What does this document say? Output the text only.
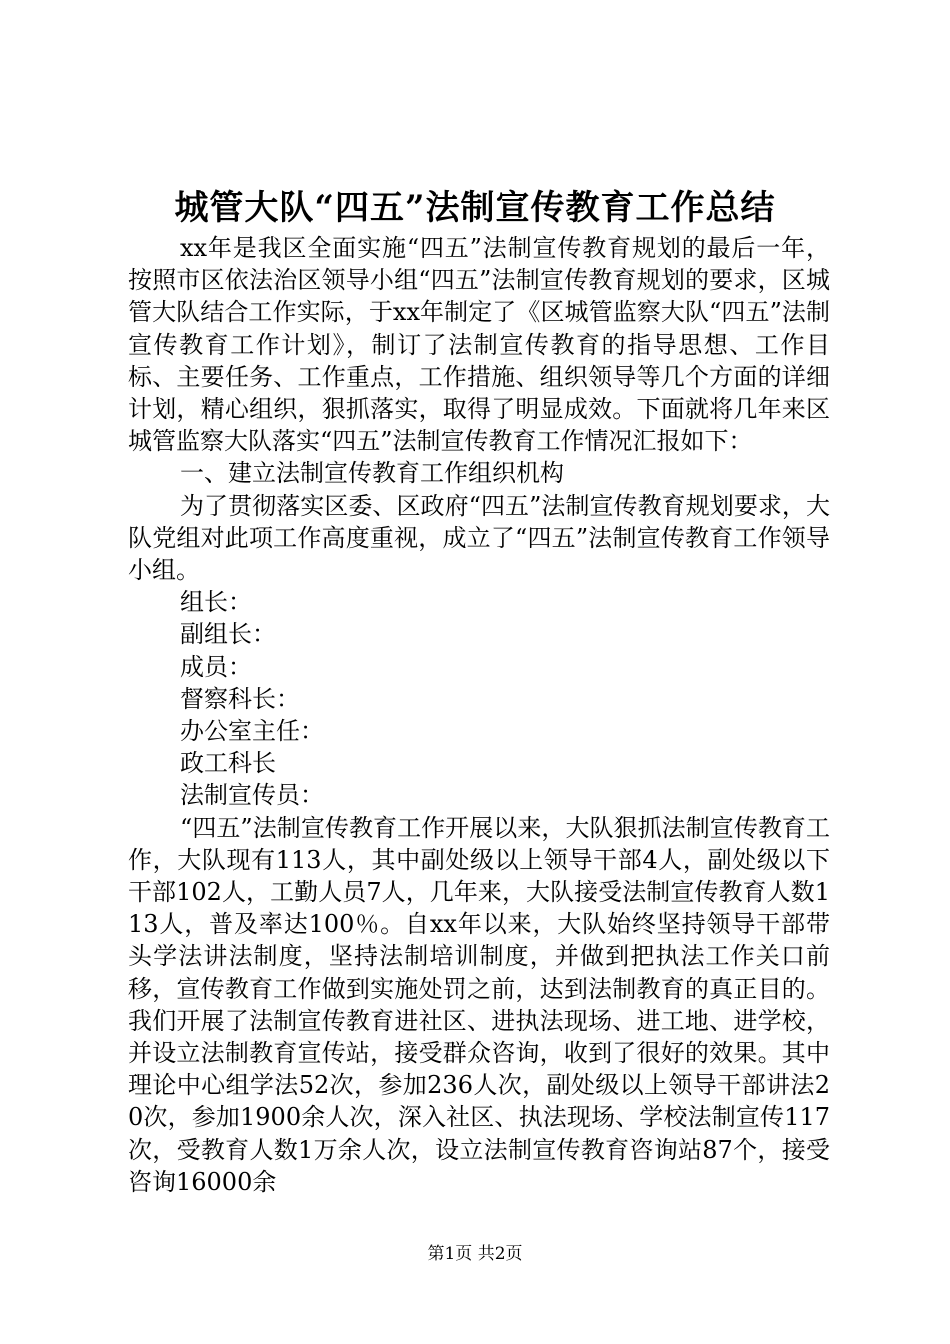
城管大队“四五”法制宣传教育工作总结

xx年是我区全面实施“四五”法制宣传教育规划的最后一年，按照市区依法治区领导小组“四五”法制宣传教育规划的要求，区城管大队结合工作实际，于xx年制定了《区城管监察大队“四五”法制宣传教育工作计划》，制订了法制宣传教育的指导思想、工作目标、主要任务、工作重点，工作措施、组织领导等几个方面的详细计划，精心组织，狠抓落实，取得了明显成效。下面就将几年来区城管监察大队落实“四五”法制宣传教育工作情况汇报如下：

一、建立法制宣传教育工作组织机构

为了贯彻落实区委、区政府“四五”法制宣传教育规划要求，大队党组对此项工作高度重视，成立了“四五”法制宣传教育工作领导小组。

组长：

副组长：

成员：

督察科长：

办公室主任：

政工科长

法制宣传员：

“四五”法制宣传教育工作开展以来，大队狠抓法制宣传教育工作，大队现有113人，其中副处级以上领导干部4人，副处级以下干部102人，工勤人员7人，几年来，大队接受法制宣传教育人数113人，普及率达100％。自xx年以来，大队始终坚持领导干部带头学法讲法制度，坚持法制培训制度，并做到把执法工作关口前移，宣传教育工作做到实施处罚之前，达到法制教育的真正目的。我们开展了法制宣传教育进社区、进执法现场、进工地、进学校，并设立法制教育宣传站，接受群众咨询，收到了很好的效果。其中理论中心组学法52次，参加236人次，副处级以上领导干部讲法20次，参加1900余人次，深入社区、执法现场、学校法制宣传117次，受教育人数1万余人次，设立法制宣传教育咨询站87个，接受咨询16000余

第1页 共2页
